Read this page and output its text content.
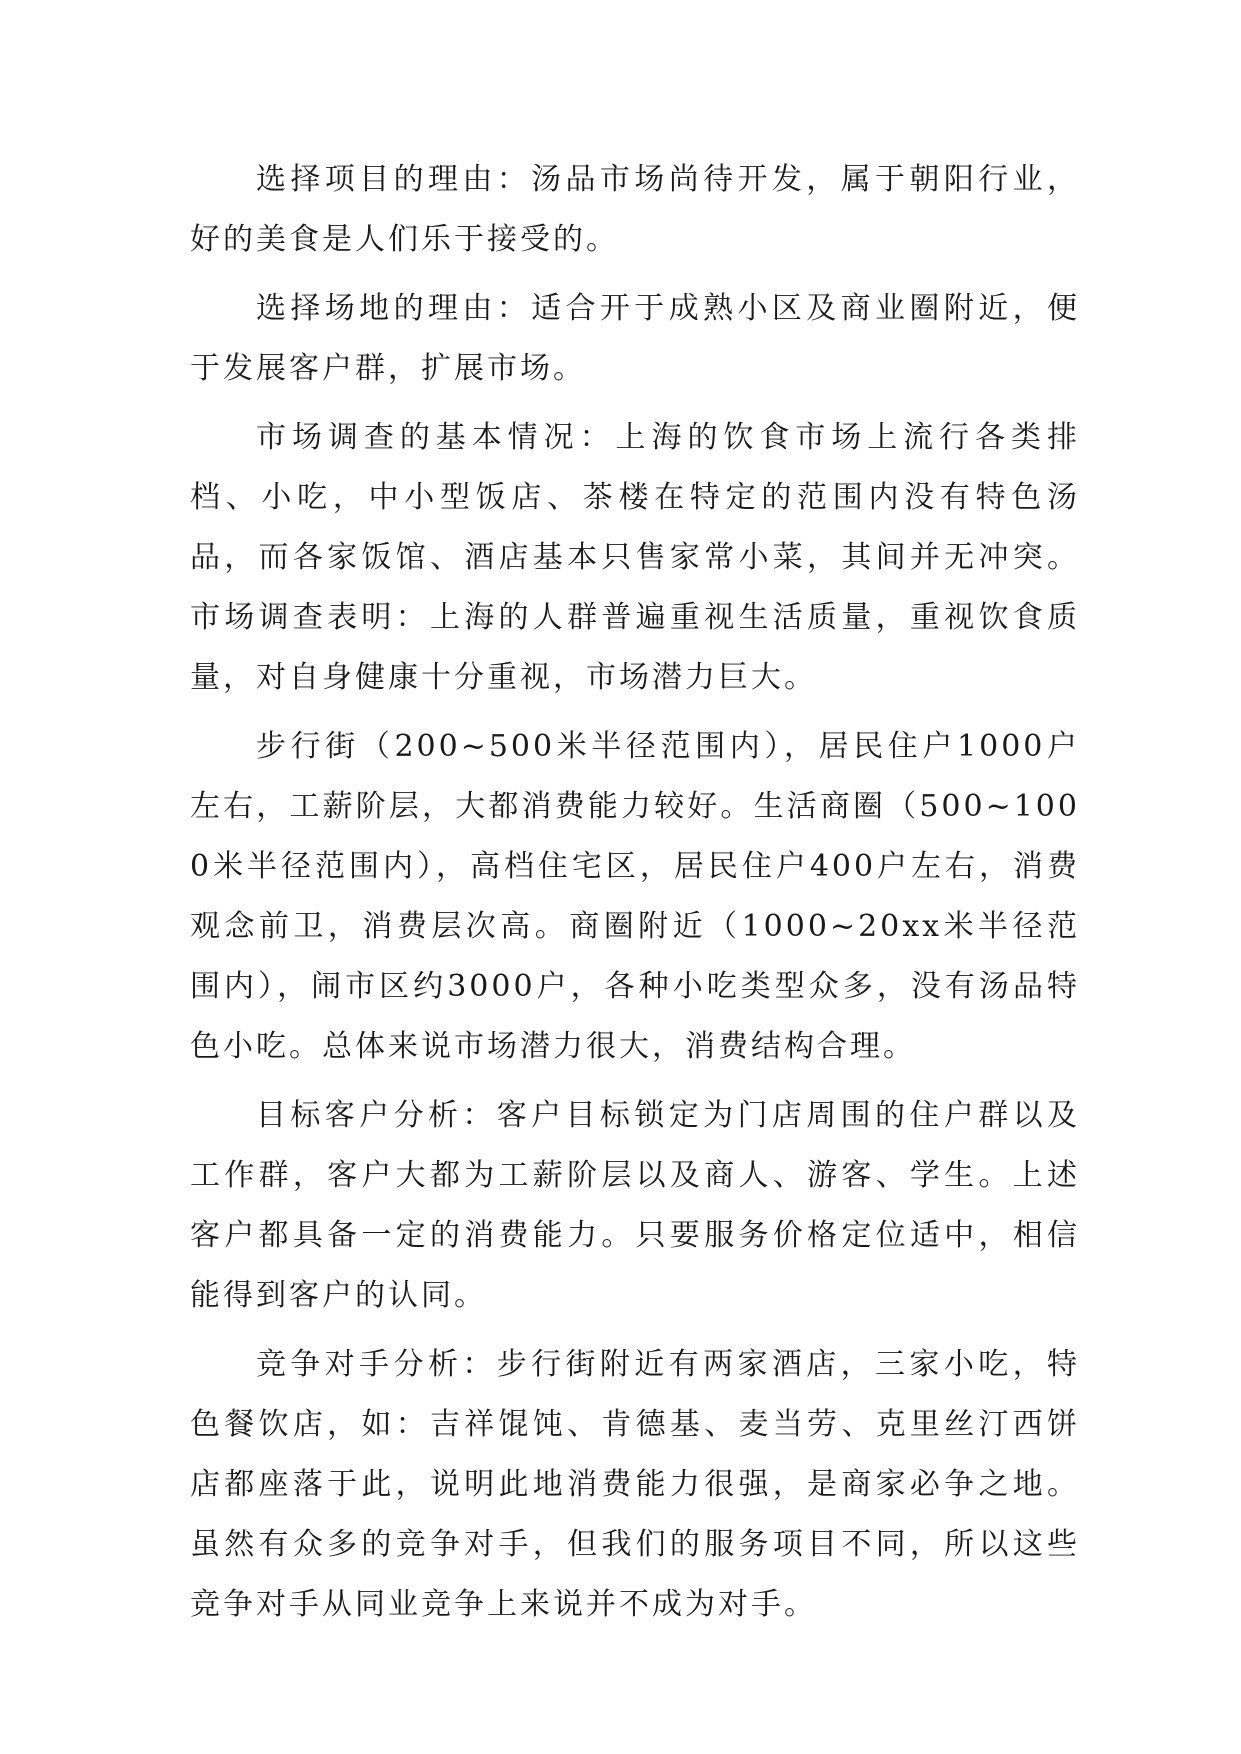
选择项目的理由：汤品市场尚待开发，属于朝阳行业，好的美食是人们乐于接受的。

选择场地的理由：适合开于成熟小区及商业圈附近，便于发展客户群，扩展市场。

市场调查的基本情况：上海的饮食市场上流行各类排档、小吃，中小型饭店、茶楼在特定的范围内没有特色汤品，而各家饭馆、酒店基本只售家常小菜，其间并无冲突。市场调查表明：上海的人群普遍重视生活质量，重视饮食质量，对自身健康十分重视，市场潜力巨大。

步行街（200~500米半径范围内），居民住户1000户左右，工薪阶层，大都消费能力较好。生活商圈（500~1000米半径范围内），高档住宅区，居民住户400户左右，消费观念前卫，消费层次高。商圈附近（1000~20xx米半径范围内），闹市区约3000户，各种小吃类型众多，没有汤品特色小吃。总体来说市场潜力很大，消费结构合理。

目标客户分析：客户目标锁定为门店周围的住户群以及工作群，客户大都为工薪阶层以及商人、游客、学生。上述客户都具备一定的消费能力。只要服务价格定位适中，相信能得到客户的认同。

竞争对手分析：步行街附近有两家酒店，三家小吃，特色餐饮店，如：吉祥馄饨、肯德基、麦当劳、克里丝汀西饼店都座落于此，说明此地消费能力很强，是商家必争之地。虽然有众多的竞争对手，但我们的服务项目不同，所以这些竞争对手从同业竞争上来说并不成为对手。
